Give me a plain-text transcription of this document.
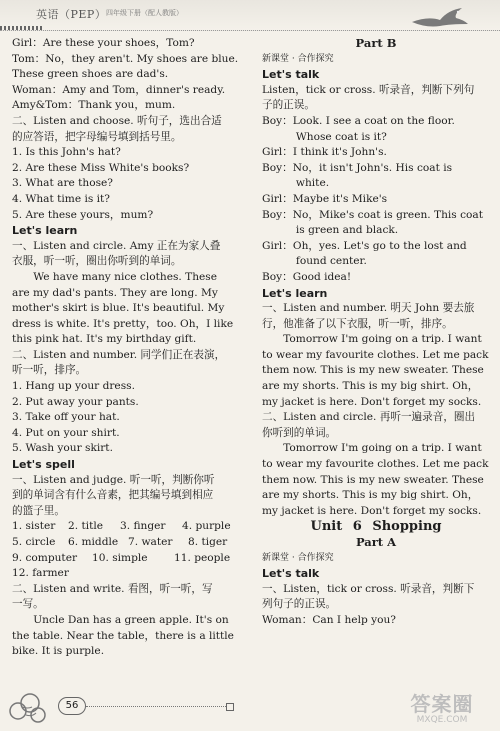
英语（PEP） 四年级下册（配人教版）

Girl：Are these your shoes，Tom?

Tom：No，they aren't. My shoes are blue.

These green shoes are dad's.

Woman：Amy and Tom，dinner's ready.

Amy&Tom：Thank you，mum.

二、Listen and choose. 听句子，选出合适

的应答语，把字母编号填到括号里。

1. Is this John's hat?

2. Are these Miss White's books?

3. What are those?

4. What time is it?

5. Are these yours，mum?

Let's learn

一、Listen and circle. Amy 正在为家人叠

衣服，听一听，圈出你听到的单词。

We have many nice clothes. These

are my dad's pants. They are long. My

mother's skirt is blue. It's beautiful. My

dress is white. It's pretty，too. Oh，I like

this pink hat. It's my birthday gift.

二、Listen and number. 同学们正在表演，

听一听，排序。

1. Hang up your dress.

2. Put away your pants.

3. Take off your hat.

4. Put on your shirt.

5. Wash your skirt.

Let's spell

一、Listen and judge. 听一听，判断你听

到的单词含有什么音素，把其编号填到相应

的篮子里。

1. sister	2. title	3. finger	4. purple

5. circle	6. middle 7. water	8. tiger

9. computer	10. simple	11. people

12. farmer

二、Listen and write. 看图，听一听，写

一写。

Uncle Dan has a green apple. It's on

the table. Near the table，there is a little

bike. It is purple.

Part B

新课堂 · 合作探究

Let's talk

Listen，tick or cross. 听录音，判断下列句

子的正误。

Boy：Look. I see a coat on the floor.

Whose coat is it?

Girl：I think it's John's.

Boy：No，it isn't John's. His coat is

white.

Girl：Maybe it's Mike's

Boy：No，Mike's coat is green. This coat

is green and black.

Girl：Oh，yes. Let's go to the lost and

found center.

Boy：Good idea!

Let's learn

一、Listen and number. 明天 John 要去旅

行，他准备了以下衣服，听一听，排序。

Tomorrow I'm going on a trip. I want

to wear my favourite clothes. Let me pack

them now. This is my new sweater. These

are my shorts. This is my big shirt. Oh，

my jacket is here. Don't forget my socks.

二、Listen and circle. 再听一遍录音，圈出

你听到的单词。

Tomorrow I'm going on a trip. I want

to wear my favourite clothes. Let me pack

them now. This is my new sweater. These

are my shorts. This is my big shirt. Oh，

my jacket is here. Don't forget my socks.

Unit 6 Shopping

Part A

新课堂 · 合作探究

Let's talk

一、Listen，tick or cross. 听录音，判断下

列句子的正误。

Woman：Can I help you?

56	答案圈
MXQE.COM
